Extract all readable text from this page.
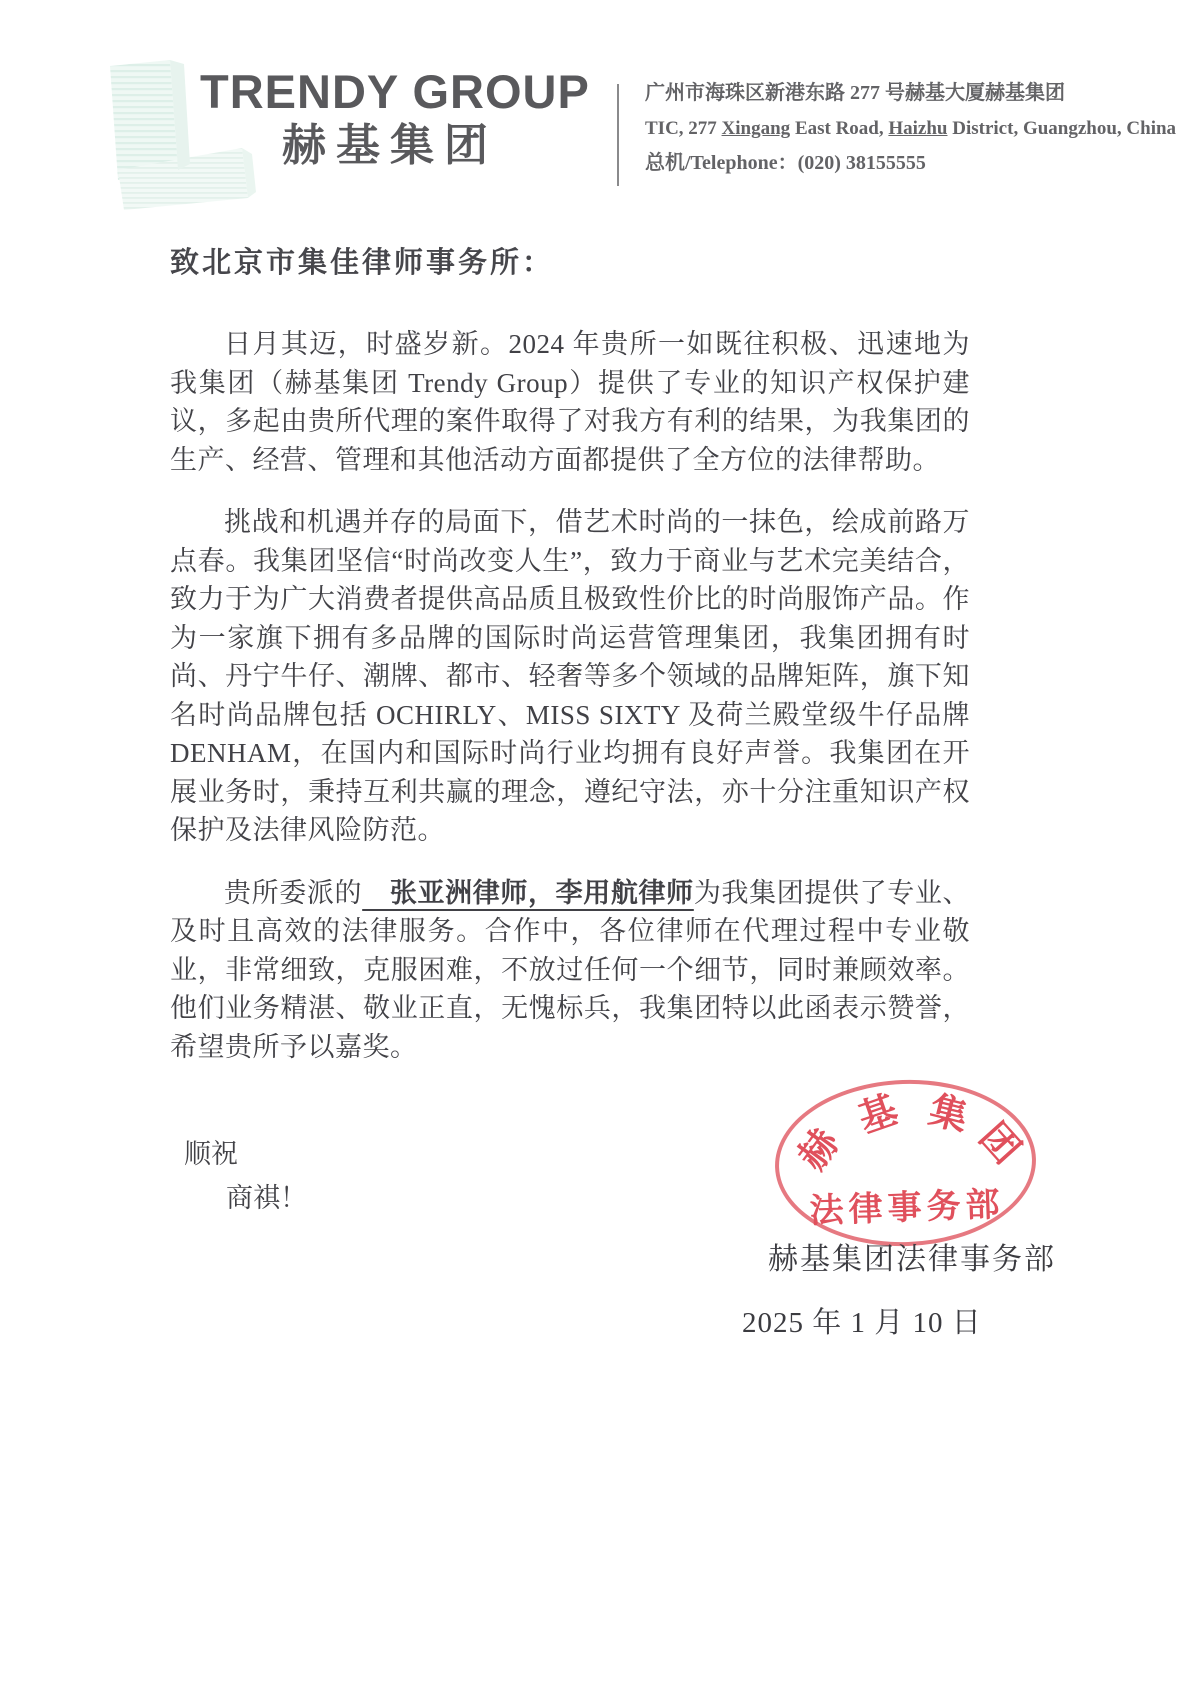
TRENDY GROUP
赫基集团
广州市海珠区新港东路 277 号赫基大厦赫基集团
TIC, 277 Xingang East Road, Haizhu District, Guangzhou, China
总机/Telephone：(020) 38155555
致北京市集佳律师事务所：

日月其迈，时盛岁新。2024 年贵所一如既往积极、迅速地为我集团（赫基集团 Trendy Group）提供了专业的知识产权保护建议，多起由贵所代理的案件取得了对我方有利的结果，为我集团的生产、经营、管理和其他活动方面都提供了全方位的法律帮助。

挑战和机遇并存的局面下，借艺术时尚的一抹色，绘成前路万点春。我集团坚信“时尚改变人生”，致力于商业与艺术完美结合，致力于为广大消费者提供高品质且极致性价比的时尚服饰产品。作为一家旗下拥有多品牌的国际时尚运营管理集团，我集团拥有时尚、丹宁牛仔、潮牌、都市、轻奢等多个领域的品牌矩阵，旗下知名时尚品牌包括 OCHIRLY、MISS SIXTY 及荷兰殿堂级牛仔品牌 DENHAM，在国内和国际时尚行业均拥有良好声誉。我集团在开展业务时，秉持互利共赢的理念，遵纪守法，亦十分注重知识产权保护及法律风险防范。

贵所委派的　张亚洲律师，李用航律师为我集团提供了专业、及时且高效的法律服务。合作中，各位律师在代理过程中专业敬业，非常细致，克服困难，不放过任何一个细节，同时兼顾效率。他们业务精湛、敬业正直，无愧标兵，我集团特以此函表示赞誉，希望贵所予以嘉奖。

顺祝
商祺！
赫
基 集
团
法律事务部
赫基集团法律事务部
2025 年 1 月 10 日
